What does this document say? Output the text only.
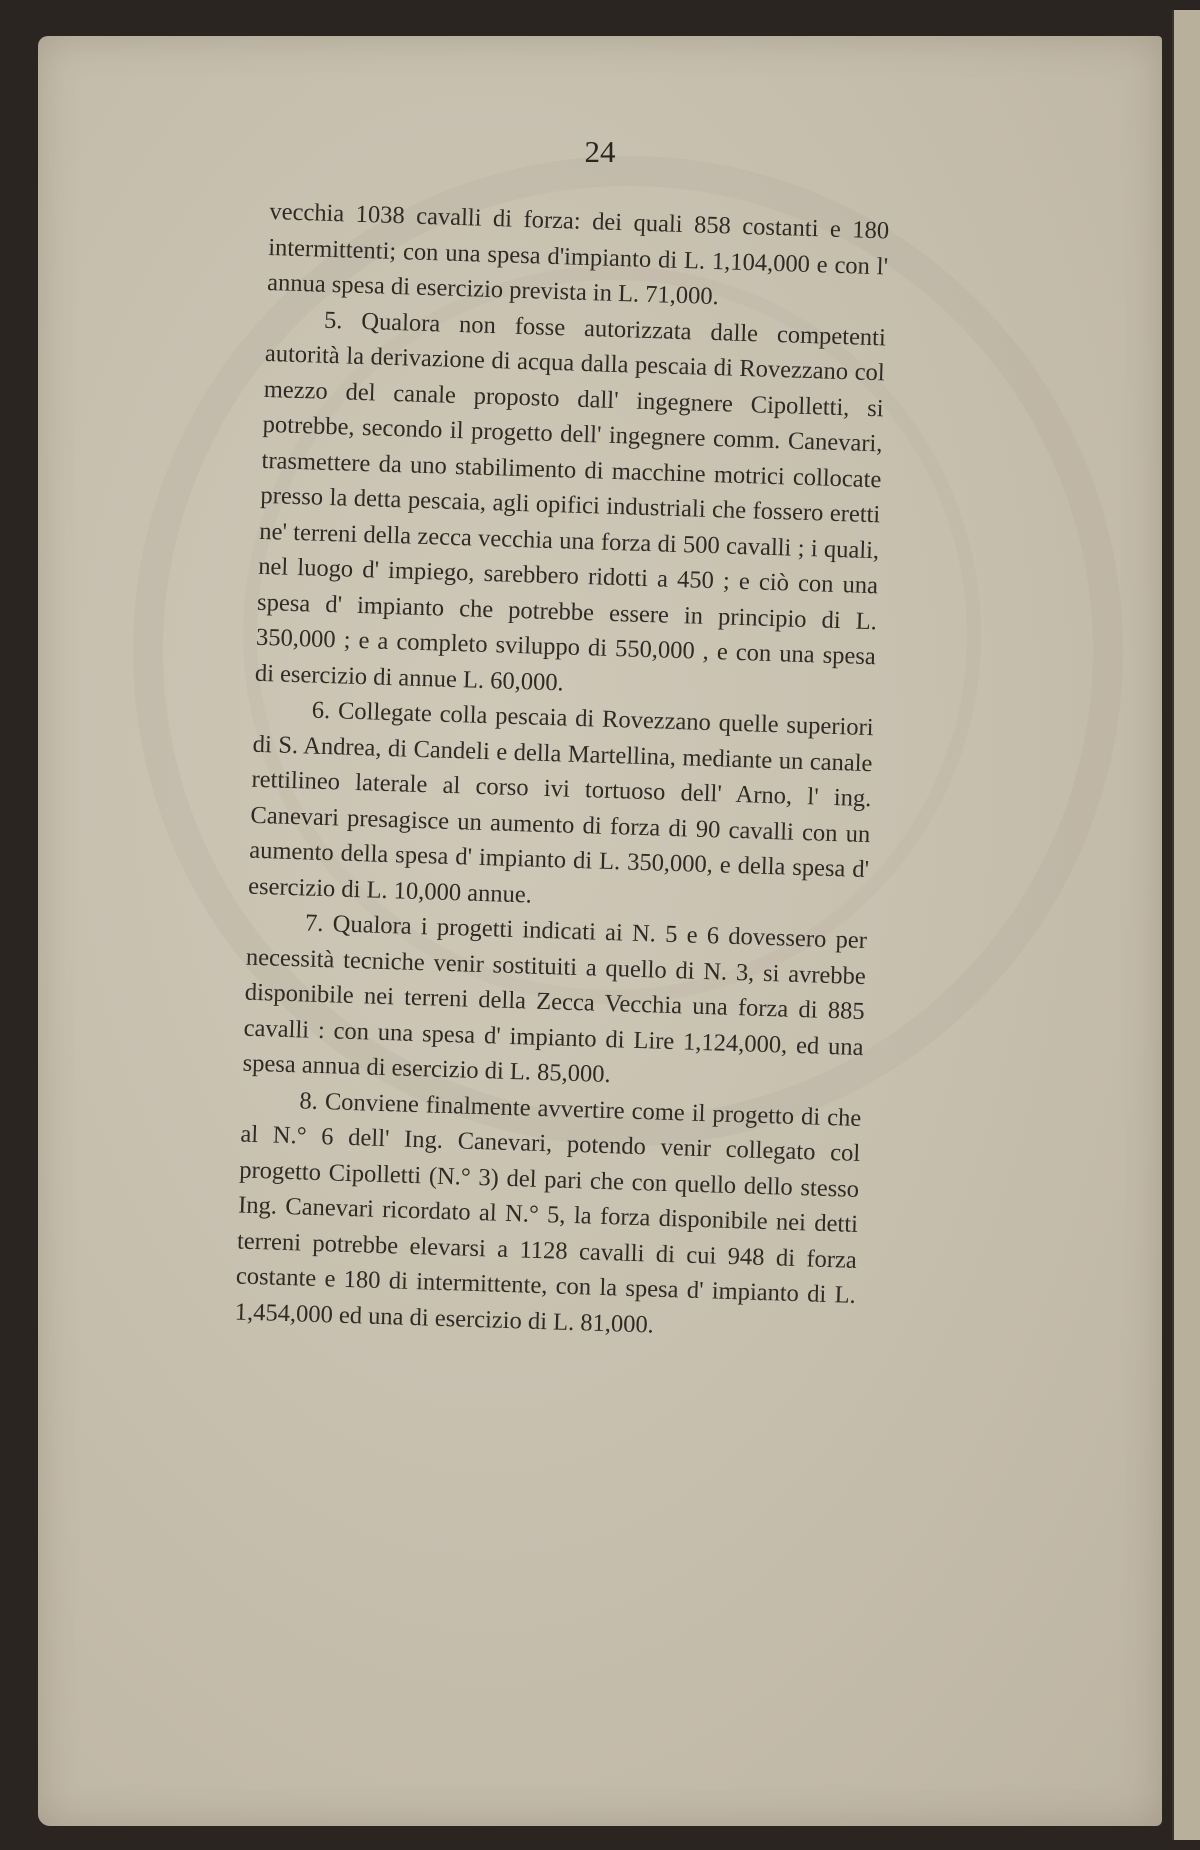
24

vecchia 1038 cavalli di forza: dei quali 858 costanti e 180 intermittenti; con una spesa d'impianto di L. 1,104,000 e con l' annua spesa di esercizio prevista in L. 71,000.

5. Qualora non fosse autorizzata dalle competenti autorità la derivazione di acqua dalla pescaia di Rovezzano col mezzo del canale proposto dall' ingegnere Cipolletti, si potrebbe, secondo il progetto dell' ingegnere comm. Canevari, trasmettere da uno stabilimento di macchine motrici collocate presso la detta pescaia, agli opifici industriali che fossero eretti ne' terreni della zecca vecchia una forza di 500 cavalli ; i quali, nel luogo d' impiego, sarebbero ridotti a 450 ; e ciò con una spesa d' impianto che potrebbe essere in principio di L. 350,000 ; e a completo sviluppo di 550,000 , e con una spesa di esercizio di annue L. 60,000.

6. Collegate colla pescaia di Rovezzano quelle superiori di S. Andrea, di Candeli e della Martellina, mediante un canale rettilineo laterale al corso ivi tortuoso dell' Arno, l' ing. Canevari presagisce un aumento di forza di 90 cavalli con un aumento della spesa d' impianto di L. 350,000, e della spesa d' esercizio di L. 10,000 annue.

7. Qualora i progetti indicati ai N. 5 e 6 dovessero per necessità tecniche venir sostituiti a quello di N. 3, si avrebbe disponibile nei terreni della Zecca Vecchia una forza di 885 cavalli : con una spesa d' impianto di Lire 1,124,000, ed una spesa annua di esercizio di L. 85,000.

8. Conviene finalmente avvertire come il progetto di che al N.° 6 dell' Ing. Canevari, potendo venir collegato col progetto Cipolletti (N.° 3) del pari che con quello dello stesso Ing. Canevari ricordato al N.° 5, la forza disponibile nei detti terreni potrebbe elevarsi a 1128 cavalli di cui 948 di forza costante e 180 di intermittente, con la spesa d' impianto di L. 1,454,000 ed una di esercizio di L. 81,000.
